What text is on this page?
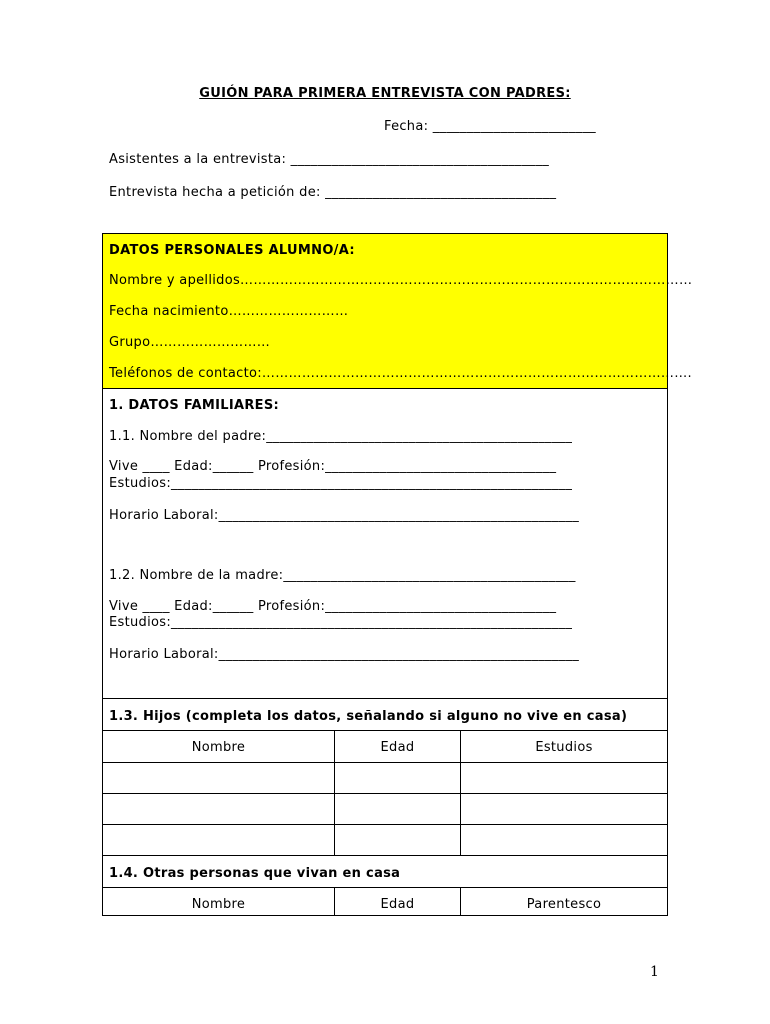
GUIÓN PARA PRIMERA ENTREVISTA CON PADRES:
Fecha: ________________________
Asistentes a la entrevista: ______________________________________
Entrevista hecha a petición de: __________________________________
DATOS PERSONALES ALUMNO/A:
Nombre y apellidos…………………………………………………………………………………………
Fecha nacimiento………………………
Grupo………………………
Teléfonos de contacto:…………………………………………………………………………………….
1. DATOS FAMILIARES:
1.1. Nombre del padre:_____________________________________________
Vive ____ Edad:______ Profesión:__________________________________
Estudios:___________________________________________________________
Horario Laboral:_____________________________________________________
1.2. Nombre de la madre:___________________________________________
Vive ____ Edad:______ Profesión:__________________________________
Estudios:___________________________________________________________
Horario Laboral:_____________________________________________________
1.3. Hijos (completa los datos, señalando si alguno no vive en casa)
Nombre	Edad	Estudios
1.4. Otras personas que vivan en casa
Nombre	Edad	Parentesco
1
